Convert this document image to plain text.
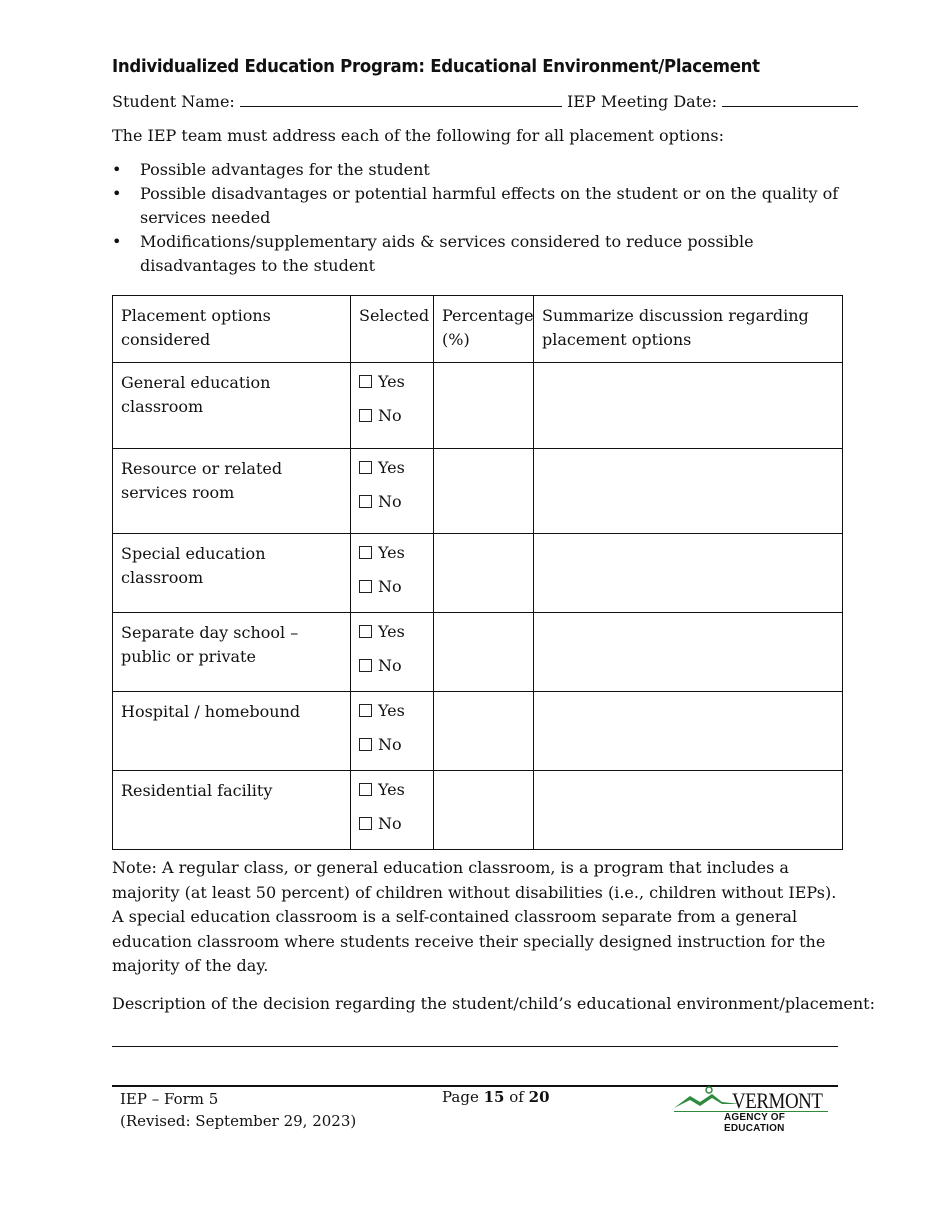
Individualized Education Program: Educational Environment/Placement
Student Name:	IEP Meeting Date:
The IEP team must address each of the following for all placement options:
• Possible advantages for the student
• Possible disadvantages or potential harmful effects on the student or on the quality of services needed
• Modifications/supplementary aids & services considered to reduce possible disadvantages to the student
Placement options considered	Selected	Percentage (%)	Summarize discussion regarding placement options
General education classroom	Yes
No		

Resource or related services room	Yes
No		

Special education classroom	Yes
No		

Separate day school – public or private	Yes
No		

Hospital / homebound	Yes
No		

Residential facility	Yes
No		

Note: A regular class, or general education classroom, is a program that includes a majority (at least 50 percent) of children without disabilities (i.e., children without IEPs). A special education classroom is a self-contained classroom separate from a general education classroom where students receive their specially designed instruction for the majority of the day.
Description of the decision regarding the student/child’s educational environment/placement:
IEP – Form 5
(Revised: September 29, 2023)
Page 15 of 20	VERMONT
AGENCY OF EDUCATION
